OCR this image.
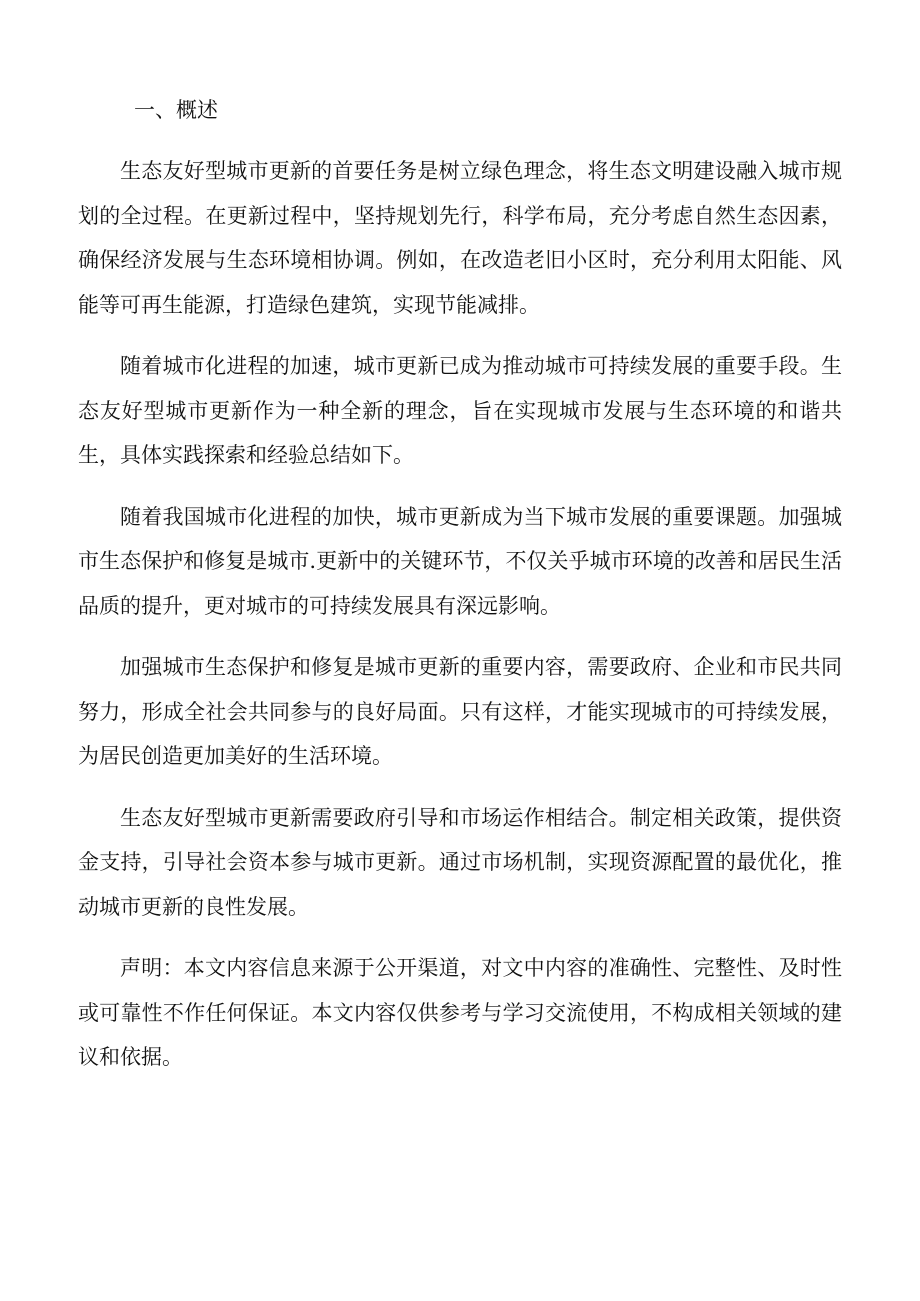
一、概述

生态友好型城市更新的首要任务是树立绿色理念，将生态文明建设融入城市规划的全过程。在更新过程中，坚持规划先行，科学布局，充分考虑自然生态因素，确保经济发展与生态环境相协调。例如，在改造老旧小区时，充分利用太阳能、风能等可再生能源，打造绿色建筑，实现节能减排。

随着城市化进程的加速，城市更新已成为推动城市可持续发展的重要手段。生态友好型城市更新作为一种全新的理念，旨在实现城市发展与生态环境的和谐共生，具体实践探索和经验总结如下。

随着我国城市化进程的加快，城市更新成为当下城市发展的重要课题。加强城市生态保护和修复是城市.更新中的关键环节，不仅关乎城市环境的改善和居民生活品质的提升，更对城市的可持续发展具有深远影响。

加强城市生态保护和修复是城市更新的重要内容，需要政府、企业和市民共同努力，形成全社会共同参与的良好局面。只有这样，才能实现城市的可持续发展，为居民创造更加美好的生活环境。

生态友好型城市更新需要政府引导和市场运作相结合。制定相关政策，提供资金支持，引导社会资本参与城市更新。通过市场机制，实现资源配置的最优化，推动城市更新的良性发展。

声明：本文内容信息来源于公开渠道，对文中内容的准确性、完整性、及时性或可靠性不作任何保证。本文内容仅供参考与学习交流使用，不构成相关领域的建议和依据。
